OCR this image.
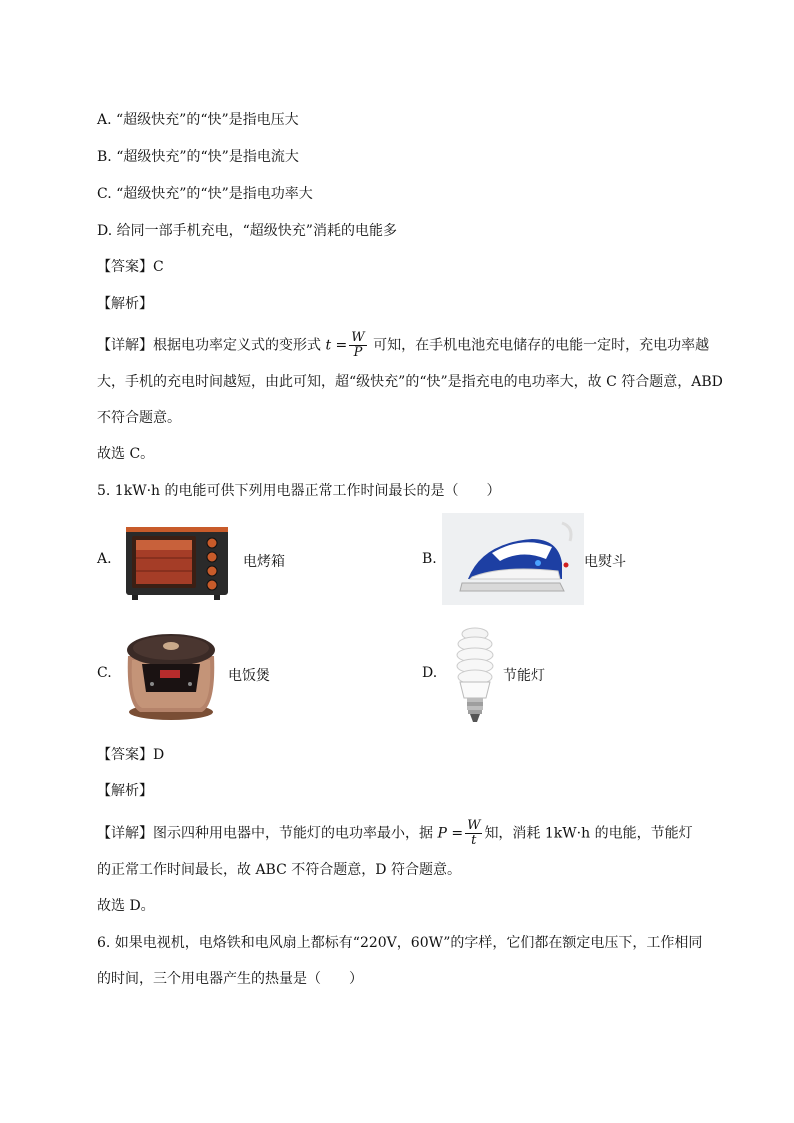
A. “超级快充”的“快”是指电压大
B. “超级快充”的“快”是指电流大
C. “超级快充”的“快”是指电功率大
D. 给同一部手机充电，“超级快充”消耗的电能多
【答案】C
【解析】
【详解】根据电功率定义式的变形式 $t = \frac{W}{P}$ 可知，在手机电池充电储存的电能一定时，充电功率越
大，手机的充电时间越短，由此可知，超“级快充”的“快”是指充电的电功率大，故 C 符合题意，ABD
不符合题意。
故选 C。
5. 1kW·h 的电能可供下列用电器正常工作时间最长的是（　　）
A.	电烤箱	B.	电熨斗
C.	电饭煲	D.	节能灯
【答案】D
【解析】
【详解】图示四种用电器中，节能灯的电功率最小，据 $P = \frac{W}{t}$ 知，消耗 1kW·h 的电能，节能灯
的正常工作时间最长，故 ABC 不符合题意，D 符合题意。
故选 D。
6. 如果电视机，电烙铁和电风扇上都标有“220V，60W”的字样，它们都在额定电压下，工作相同
的时间，三个用电器产生的热量是（　　）
